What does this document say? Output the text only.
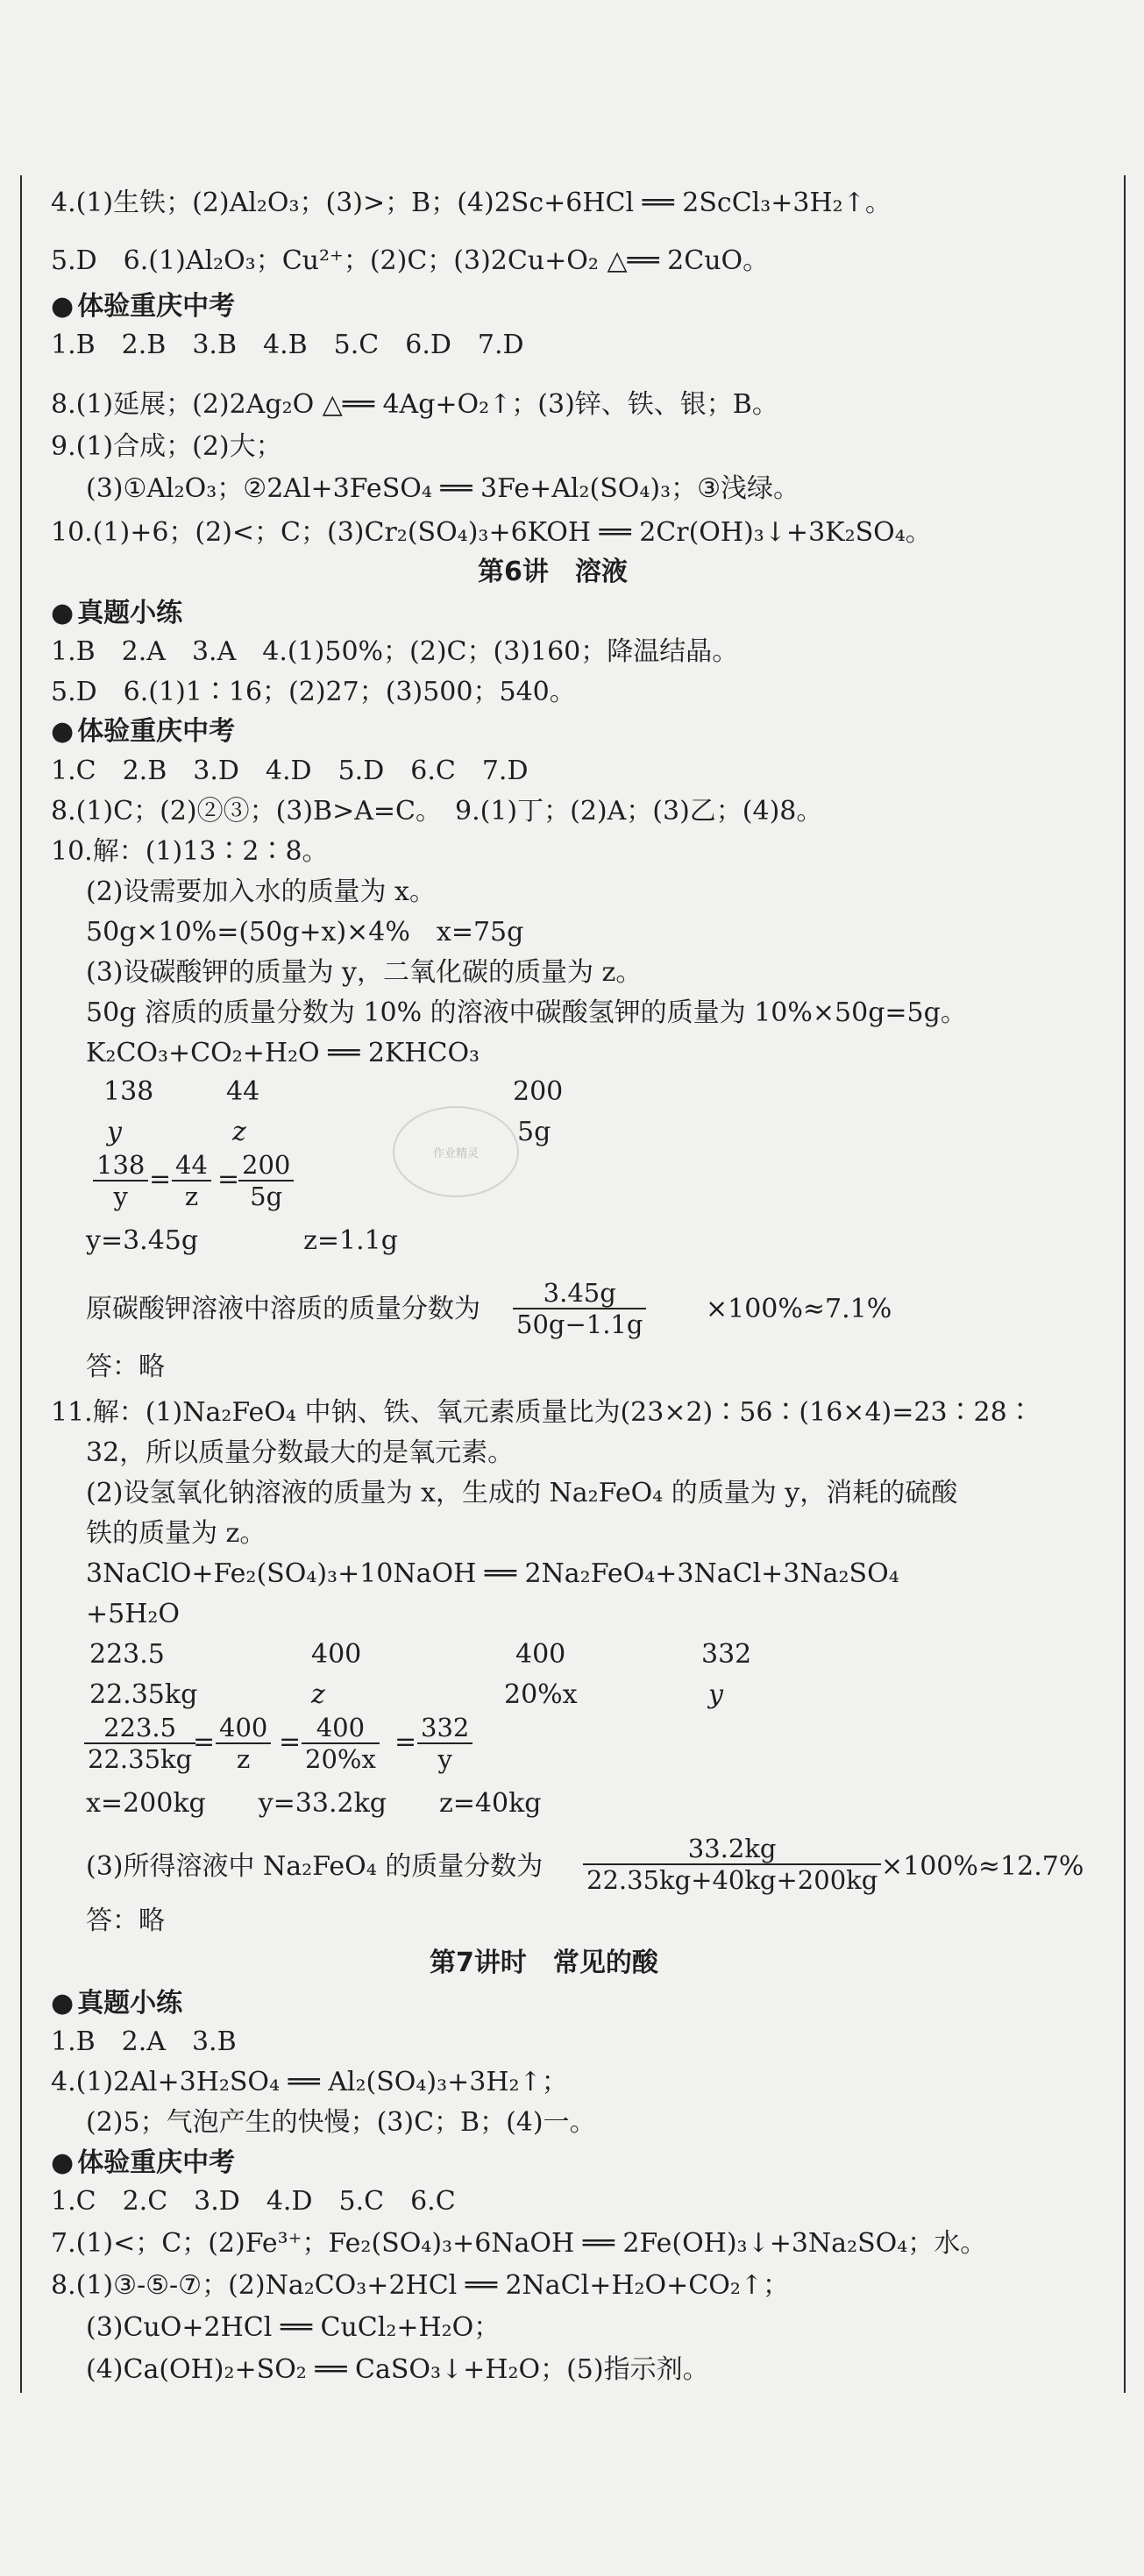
4.(1)生铁；(2)Al₂O₃；(3)>；B；(4)2Sc+6HCl ══ 2ScCl₃+3H₂↑。
5.D　6.(1)Al₂O₃；Cu²⁺；(2)C；(3)2Cu+O₂ △══ 2CuO。
● 体验重庆中考
1.B　2.B　3.B　4.B　5.C　6.D　7.D
8.(1)延展；(2)2Ag₂O △══ 4Ag+O₂↑；(3)锌、铁、银；B。
9.(1)合成；(2)大；
(3)①Al₂O₃；②2Al+3FeSO₄ ══ 3Fe+Al₂(SO₄)₃；③浅绿。
10.(1)+6；(2)<；C；(3)Cr₂(SO₄)₃+6KOH ══ 2Cr(OH)₃↓+3K₂SO₄。
第6讲　溶液
● 真题小练
1.B　2.A　3.A　4.(1)50%；(2)C；(3)160；降温结晶。
5.D　6.(1)1∶16；(2)27；(3)500；540。
● 体验重庆中考
1.C　2.B　3.D　4.D　5.D　6.C　7.D
8.(1)C；(2)②③；(3)B>A=C。　9.(1)丁；(2)A；(3)乙；(4)8。
10.解：(1)13∶2∶8。
(2)设需要加入水的质量为 x。
50g×10%=(50g+x)×4%　x=75g
(3)设碳酸钾的质量为 y，二氧化碳的质量为 z。
50g 溶质的质量分数为 10% 的溶液中碳酸氢钾的质量为 10%×50g=5g。
K₂CO₃+CO₂+H₂O ══ 2KHCO₃
138	44	200
y	z	5g
作业精灵
$\frac{138}{y} = \frac{44}{z}$ =
$\frac{200}{5g}$
y=3.45g　　　　z=1.1g
原碳酸钾溶液中溶质的质量分数为 $\frac{3.45g}{50g-1.1g} \times 100\%\approx 7.1\%$
答：略
11.解：(1)Na₂FeO₄ 中钠、铁、氧元素质量比为(23×2)∶56∶(16×4)=23∶28∶
32，所以质量分数最大的是氧元素。
(2)设氢氧化钠溶液的质量为 x，生成的 Na₂FeO₄ 的质量为 y，消耗的硫酸
铁的质量为 z。
3NaClO+Fe₂(SO₄)₃+10NaOH ══ 2Na₂FeO₄+3NaCl+3Na₂SO₄
+5H₂O
223.5	400	400	332
22.35kg	z	20%x	y
$\frac{223.5}{22.35kg}$
= $\frac{400}{z} = \frac{400}{20\%x} = \frac{332}{y}$
x=200kg　　y=33.2kg　　z=40kg
(3)所得溶液中 Na₂FeO₄ 的质量分数为 $\frac{33.2kg}{22.35kg+40kg+200kg} \times 100\%\approx 12.7\%$
答：略
第7讲时　常见的酸
● 真题小练
1.B　2.A　3.B
4.(1)2Al+3H₂SO₄ ══ Al₂(SO₄)₃+3H₂↑；
(2)5；气泡产生的快慢；(3)C；B；(4)一。
● 体验重庆中考
1.C　2.C　3.D　4.D　5.C　6.C
7.(1)<；C；(2)Fe³⁺；Fe₂(SO₄)₃+6NaOH ══ 2Fe(OH)₃↓+3Na₂SO₄；水。
8.(1)③-⑤-⑦；(2)Na₂CO₃+2HCl ══ 2NaCl+H₂O+CO₂↑；
(3)CuO+2HCl ══ CuCl₂+H₂O；
(4)Ca(OH)₂+SO₂ ══ CaSO₃↓+H₂O；(5)指示剂。
